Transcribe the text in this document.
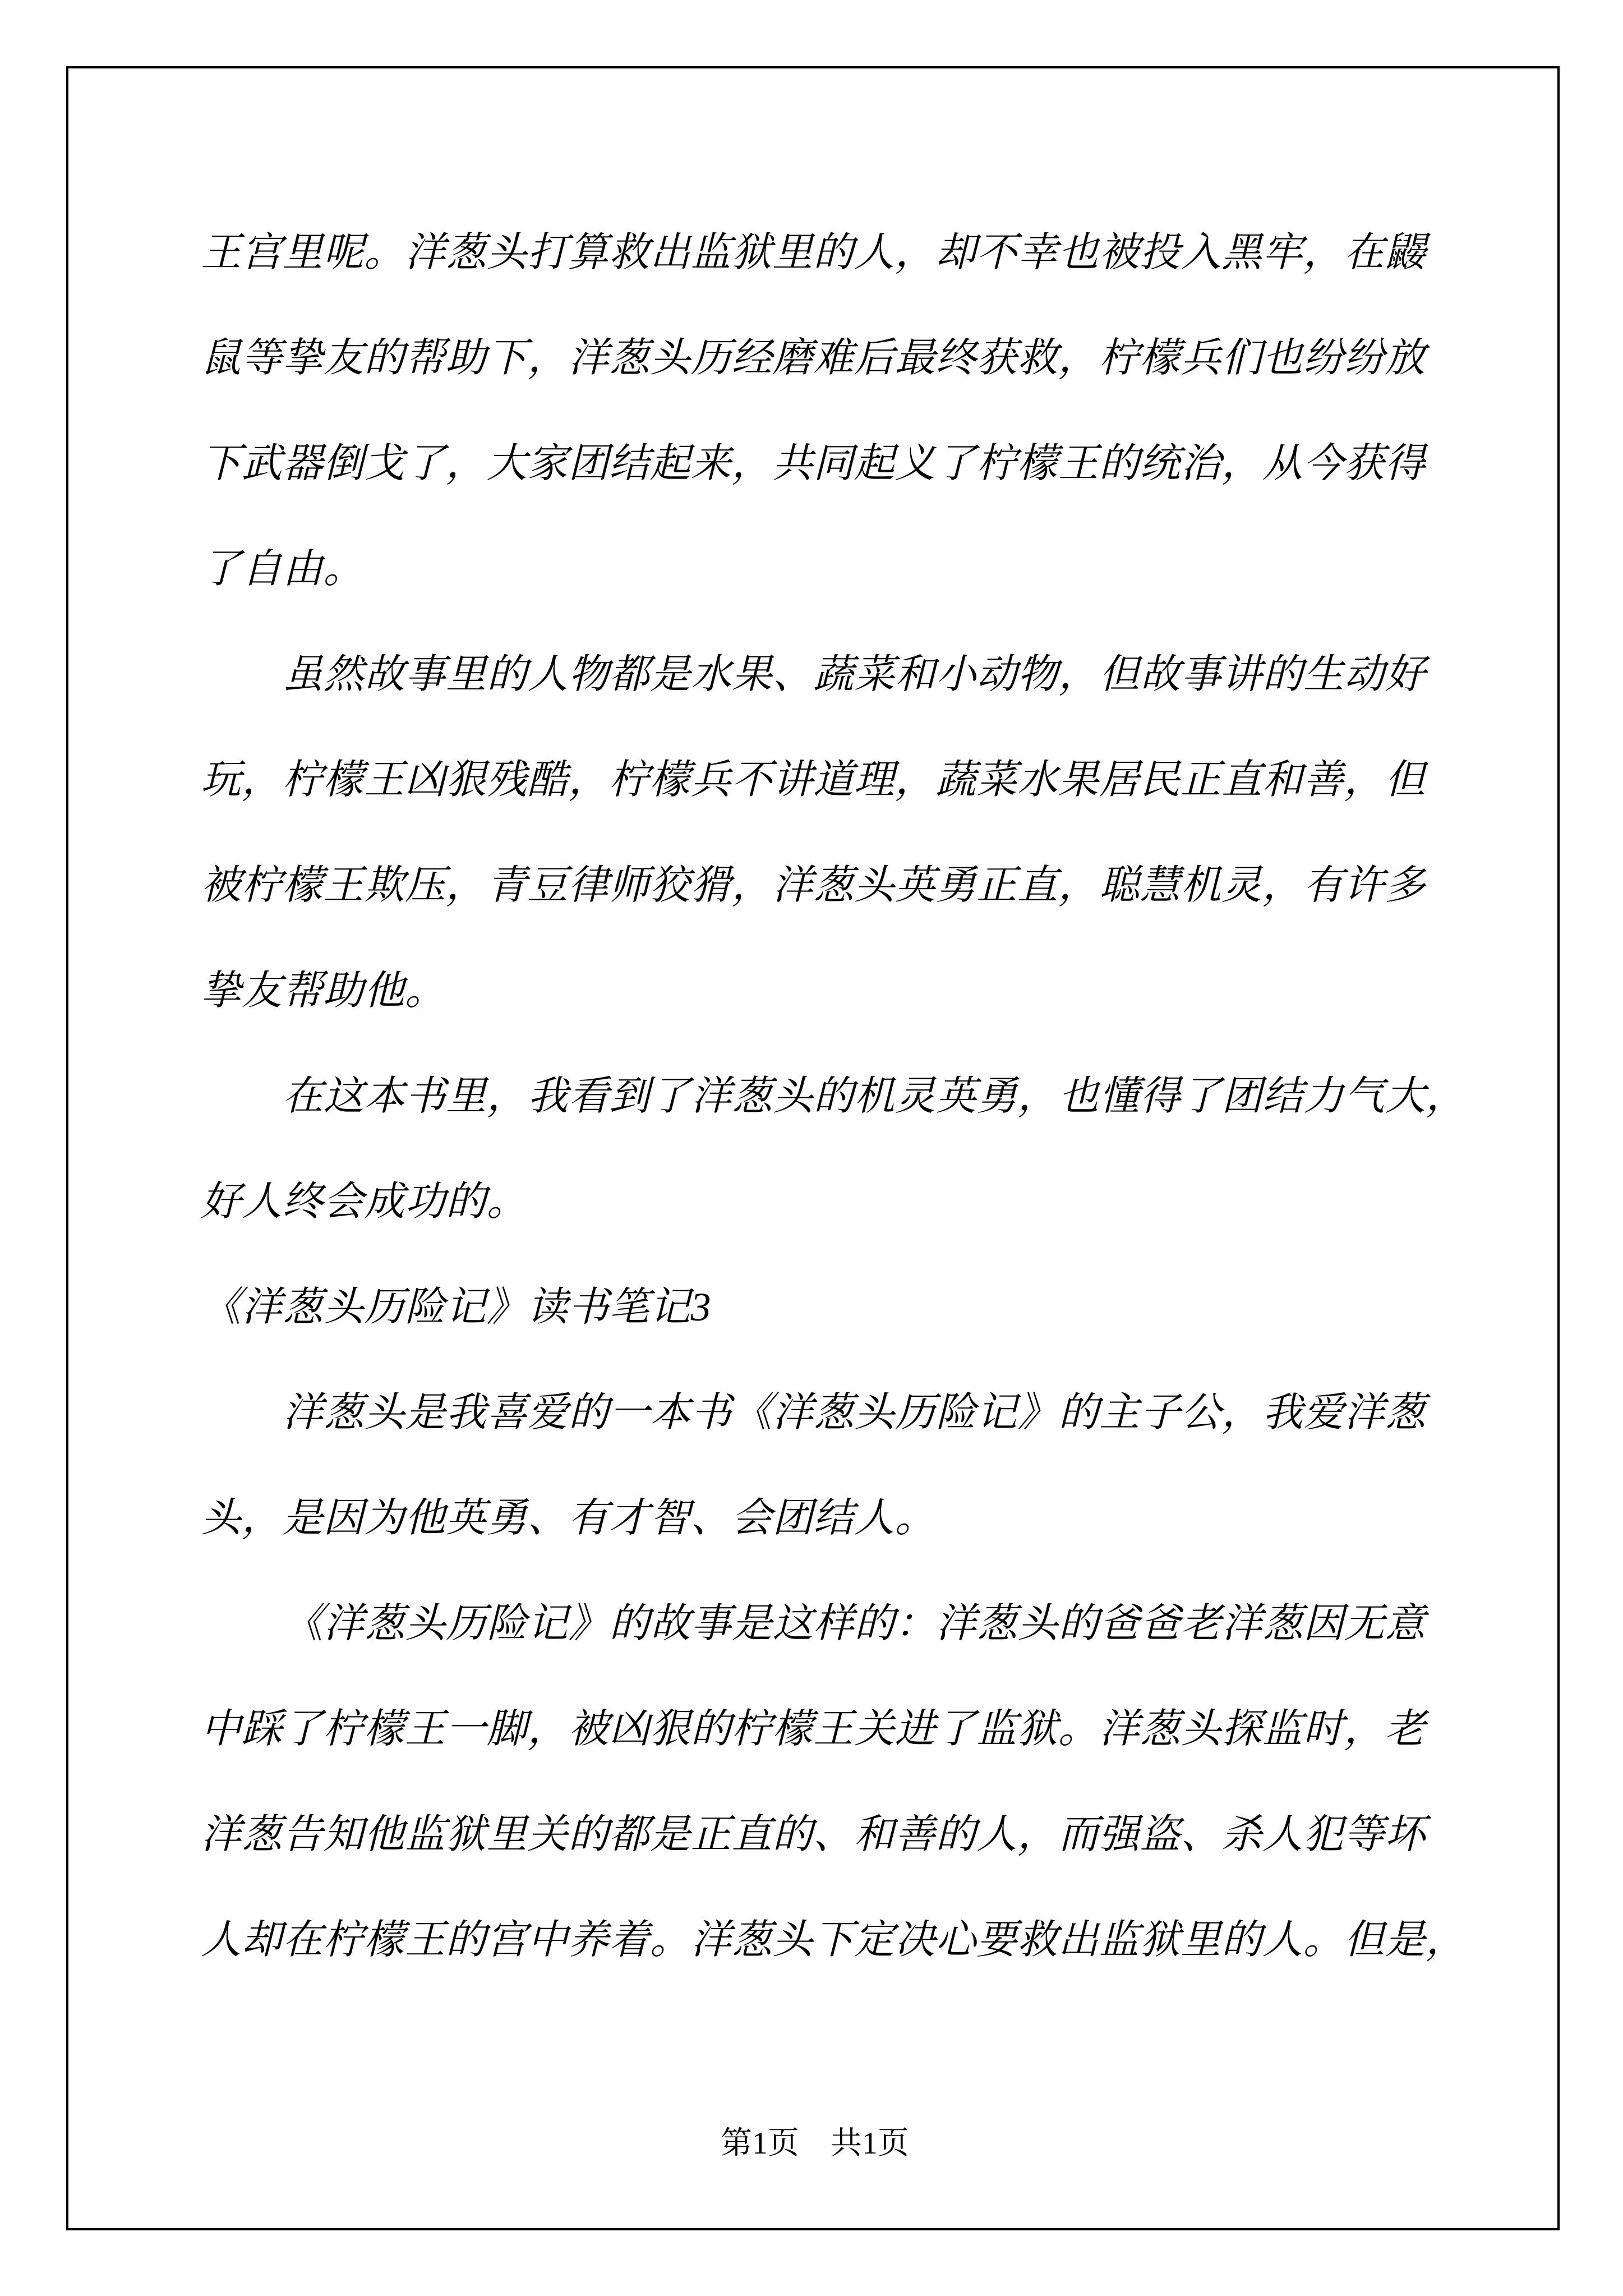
王宫里呢。洋葱头打算救出监狱里的人，却不幸也被投入黑牢，在鼹
鼠等挚友的帮助下，洋葱头历经磨难后最终获救，柠檬兵们也纷纷放
下武器倒戈了，大家团结起来，共同起义了柠檬王的统治，从今获得
了自由。
虽然故事里的人物都是水果、蔬菜和小动物，但故事讲的生动好
玩，柠檬王凶狠残酷，柠檬兵不讲道理，蔬菜水果居民正直和善，但
被柠檬王欺压，青豆律师狡猾，洋葱头英勇正直，聪慧机灵，有许多
挚友帮助他。
在这本书里，我看到了洋葱头的机灵英勇，也懂得了团结力气大，
好人终会成功的。
《洋葱头历险记》读书笔记3
洋葱头是我喜爱的一本书《洋葱头历险记》的主子公，我爱洋葱
头，是因为他英勇、有才智、会团结人。
《洋葱头历险记》的故事是这样的：洋葱头的爸爸老洋葱因无意
中踩了柠檬王一脚，被凶狠的柠檬王关进了监狱。洋葱头探监时，老
洋葱告知他监狱里关的都是正直的、和善的人，而强盗、杀人犯等坏
人却在柠檬王的宫中养着。洋葱头下定决心要救出监狱里的人。但是，
第1页　共1页
